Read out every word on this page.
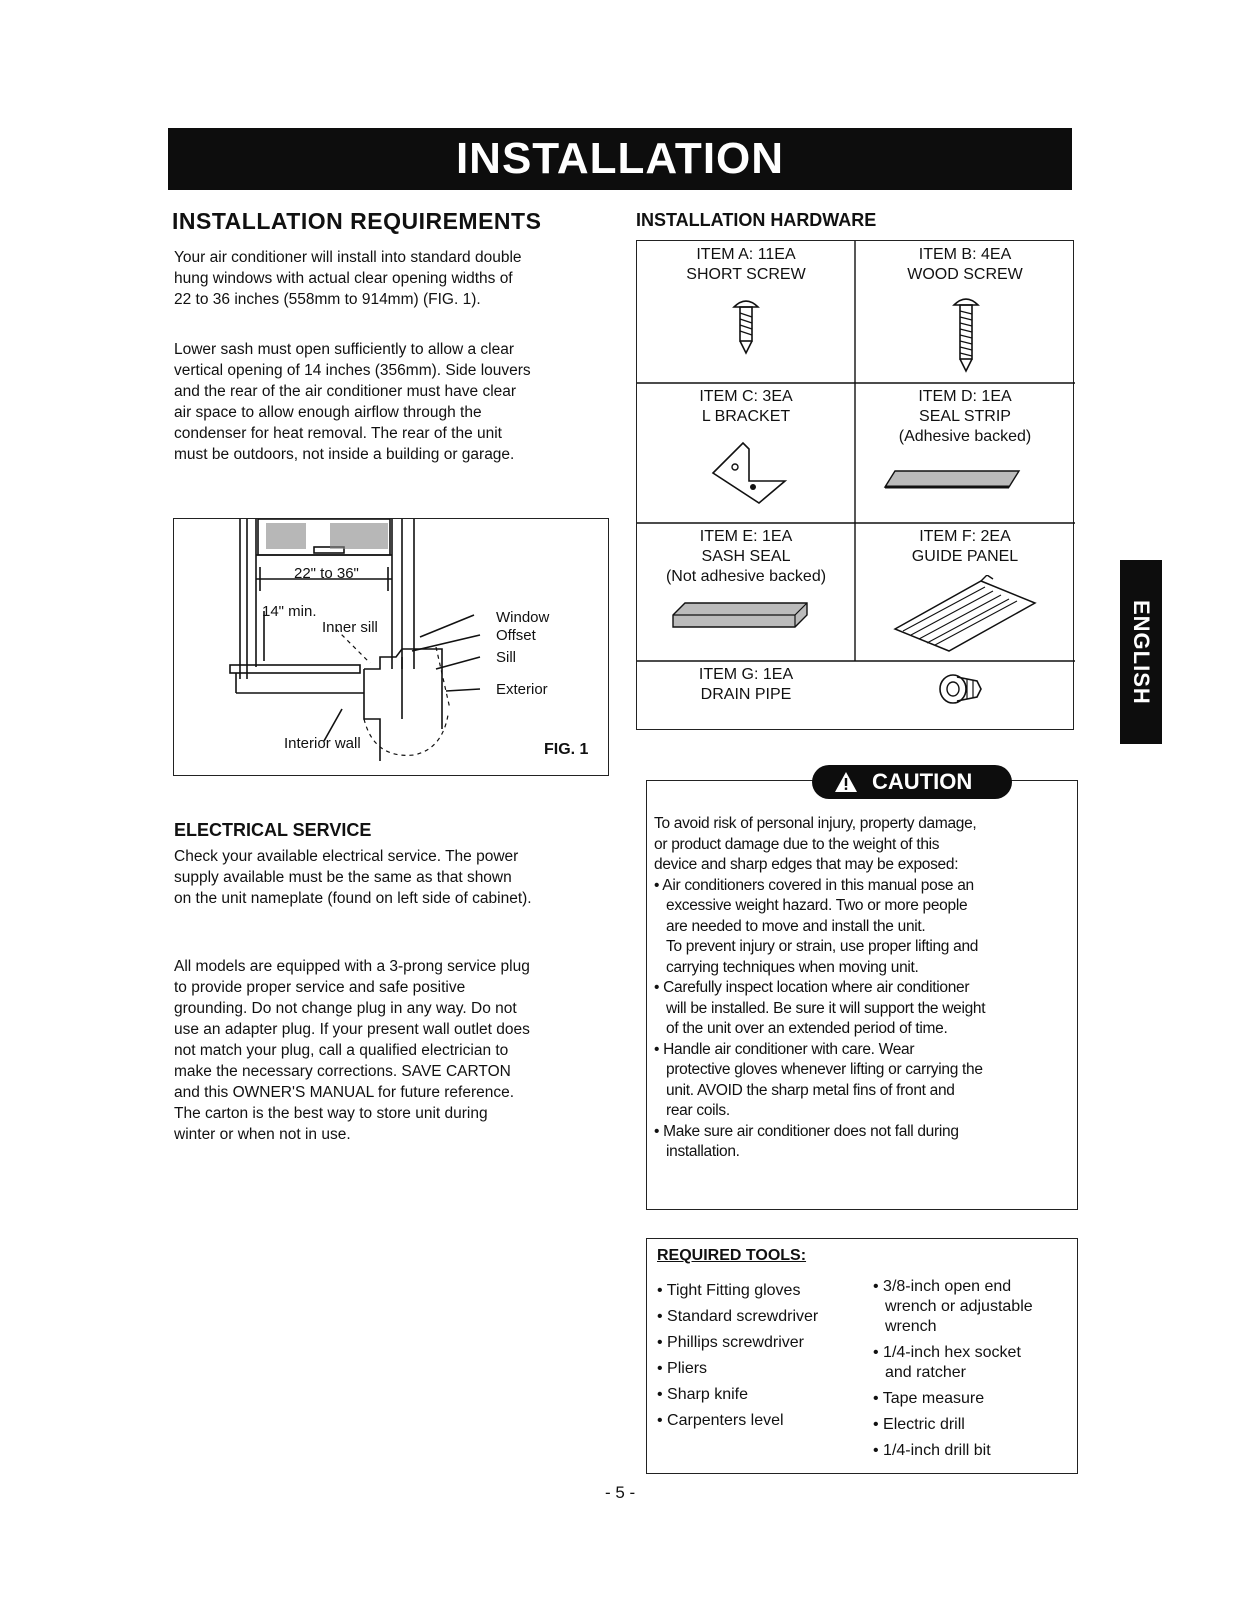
INSTALLATION
INSTALLATION REQUIREMENTS
Your air conditioner will install into standard double
hung windows with actual clear opening widths of
22 to 36 inches (558mm to 914mm) (FIG. 1).
Lower sash must open sufficiently to allow a clear
vertical opening of 14 inches (356mm). Side louvers
and the rear of the air conditioner must have clear
air space to allow enough airflow through the
condenser for heat removal. The rear of the unit
must be outdoors, not inside a building or garage.
22" to 36"
14" min.
Inner sill
Window
Offset
Sill
Exterior
Interior wall	FIG. 1
ELECTRICAL SERVICE
Check your available electrical service. The power
supply available must be the same as that shown
on the unit nameplate (found on left side of cabinet).
All models are equipped with a 3-prong service plug
to provide proper service and safe positive
grounding. Do not change plug in any way. Do not
use an adapter plug. If your present wall outlet does
not match your plug, call a qualified electrician to
make the necessary corrections. SAVE CARTON
and this OWNER'S MANUAL for future reference.
The carton is the best way to store unit during
winter or when not in use.
INSTALLATION HARDWARE
ITEM A: 11EA
SHORT SCREW
ITEM B: 4EA
WOOD SCREW
ITEM C: 3EA
L BRACKET
ITEM D: 1EA
SEAL STRIP
(Adhesive backed)
ITEM E: 1EA
SASH SEAL
(Not adhesive backed)
ITEM F: 2EA
GUIDE PANEL
ITEM G: 1EA
DRAIN PIPE
CAUTION

To avoid risk of personal injury, property damage,

or product damage due to the weight of this

device and sharp edges that may be exposed:

• Air conditioners covered in this manual pose an

excessive weight hazard. Two or more people

are needed to move and install the unit.

To prevent injury or strain, use proper lifting and

carrying techniques when moving unit.

• Carefully inspect location where air conditioner

will be installed. Be sure it will support the weight

of the unit over an extended period of time.

• Handle air conditioner with care. Wear

protective gloves whenever lifting or carrying the

unit. AVOID the sharp metal fins of front and

rear coils.

• Make sure air conditioner does not fall during

installation.

REQUIRED TOOLS:
• Tight Fitting gloves
• Standard screwdriver
• Phillips screwdriver
• Pliers
• Sharp knife
• Carpenters level
• 3/8-inch open end
wrench or adjustable
wrench
• 1/4-inch hex socket
and ratcher
• Tape measure
• Electric drill
• 1/4-inch drill bit
ENGLISH
- 5 -
